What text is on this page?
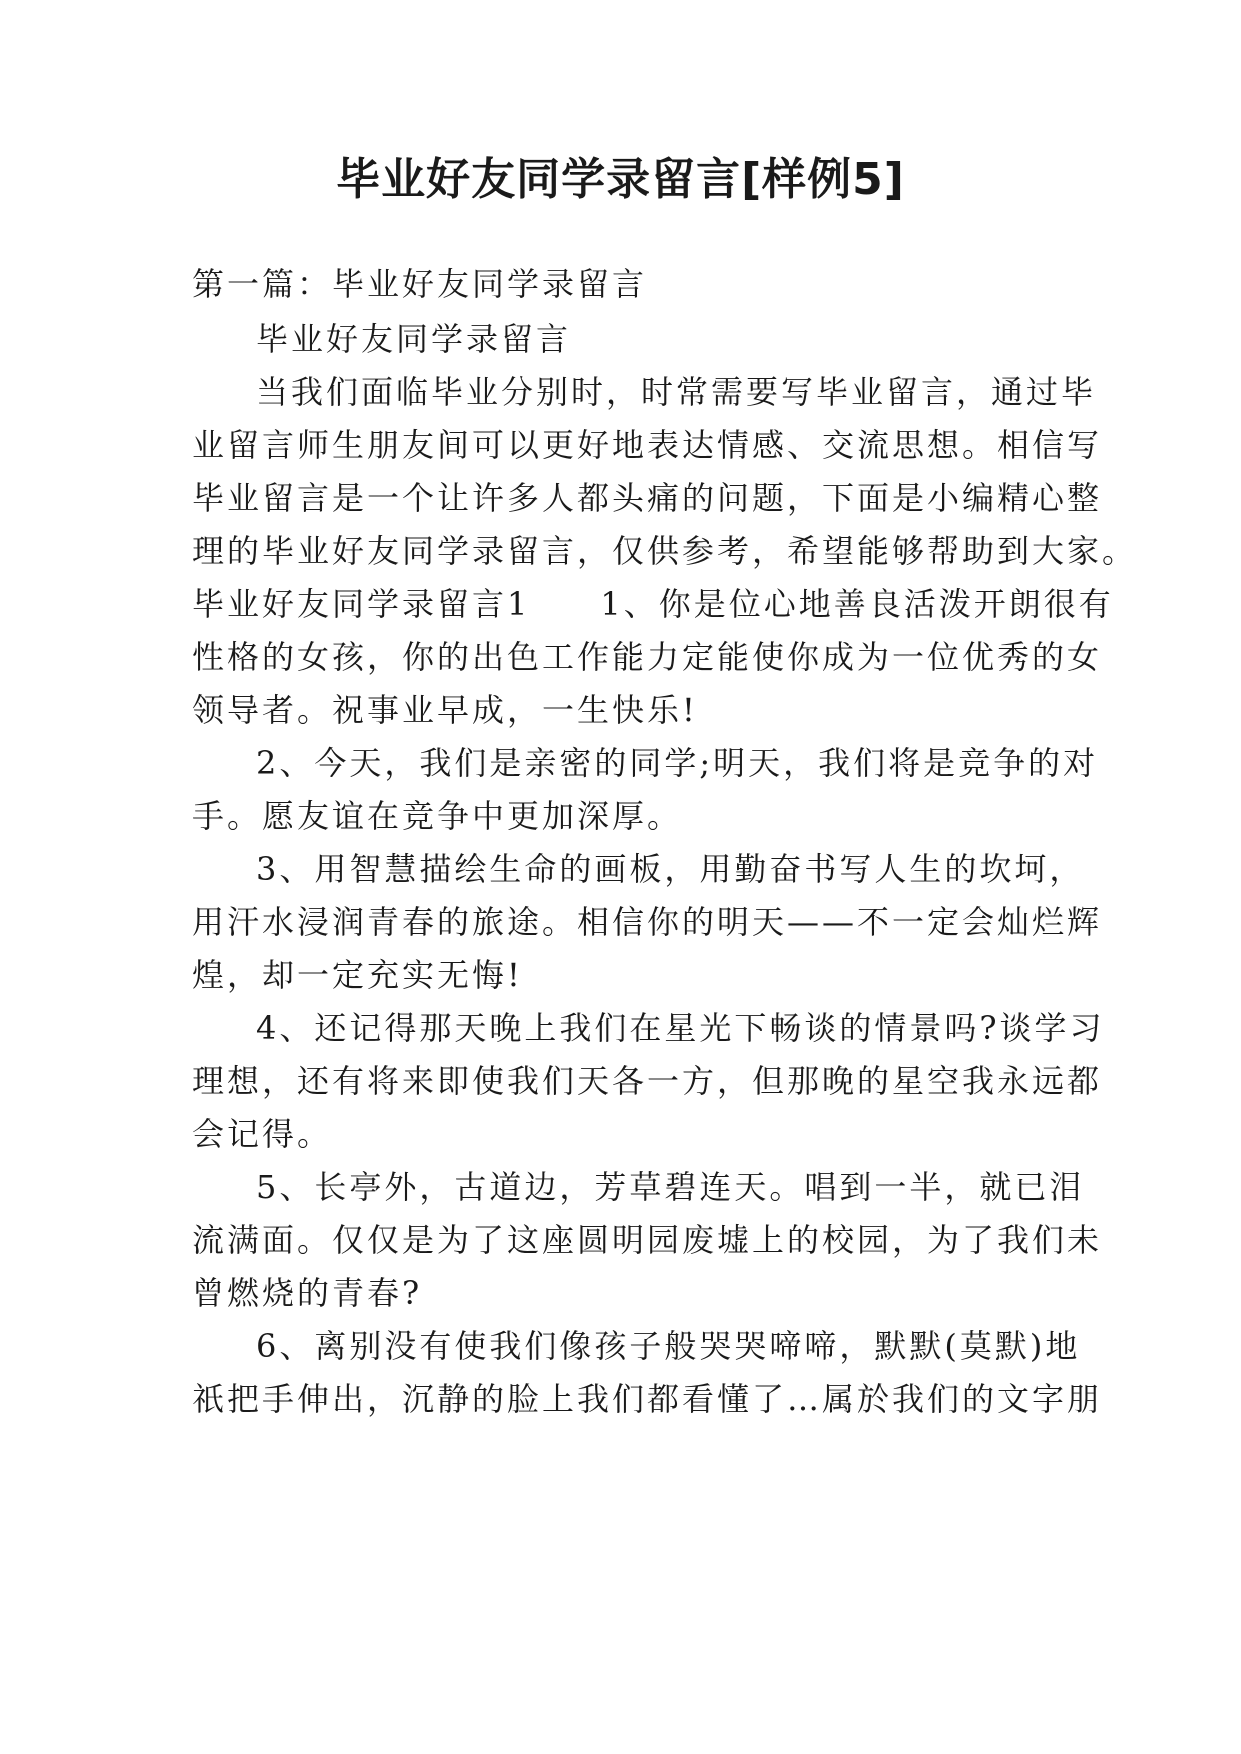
毕业好友同学录留言[样例5]
第一篇：毕业好友同学录留言
毕业好友同学录留言
当我们面临毕业分别时，时常需要写毕业留言，通过毕
业留言师生朋友间可以更好地表达情感、交流思想。相信写
毕业留言是一个让许多人都头痛的问题，下面是小编精心整
理的毕业好友同学录留言，仅供参考，希望能够帮助到大家。
毕业好友同学录留言1　　1、你是位心地善良活泼开朗很有
性格的女孩，你的出色工作能力定能使你成为一位优秀的女
领导者。祝事业早成，一生快乐!
2、今天，我们是亲密的同学;明天，我们将是竞争的对
手。愿友谊在竞争中更加深厚。
3、用智慧描绘生命的画板，用勤奋书写人生的坎坷，
用汗水浸润青春的旅途。相信你的明天——不一定会灿烂辉
煌，却一定充实无悔!
4、还记得那天晚上我们在星光下畅谈的情景吗?谈学习
理想，还有将来即使我们天各一方，但那晚的星空我永远都
会记得。
5、长亭外，古道边，芳草碧连天。唱到一半，就已泪
流满面。仅仅是为了这座圆明园废墟上的校园，为了我们未
曾燃烧的青春?
6、离别没有使我们像孩子般哭哭啼啼，默默(莫默)地
祇把手伸出，沉静的脸上我们都看懂了…属於我们的文字朋
